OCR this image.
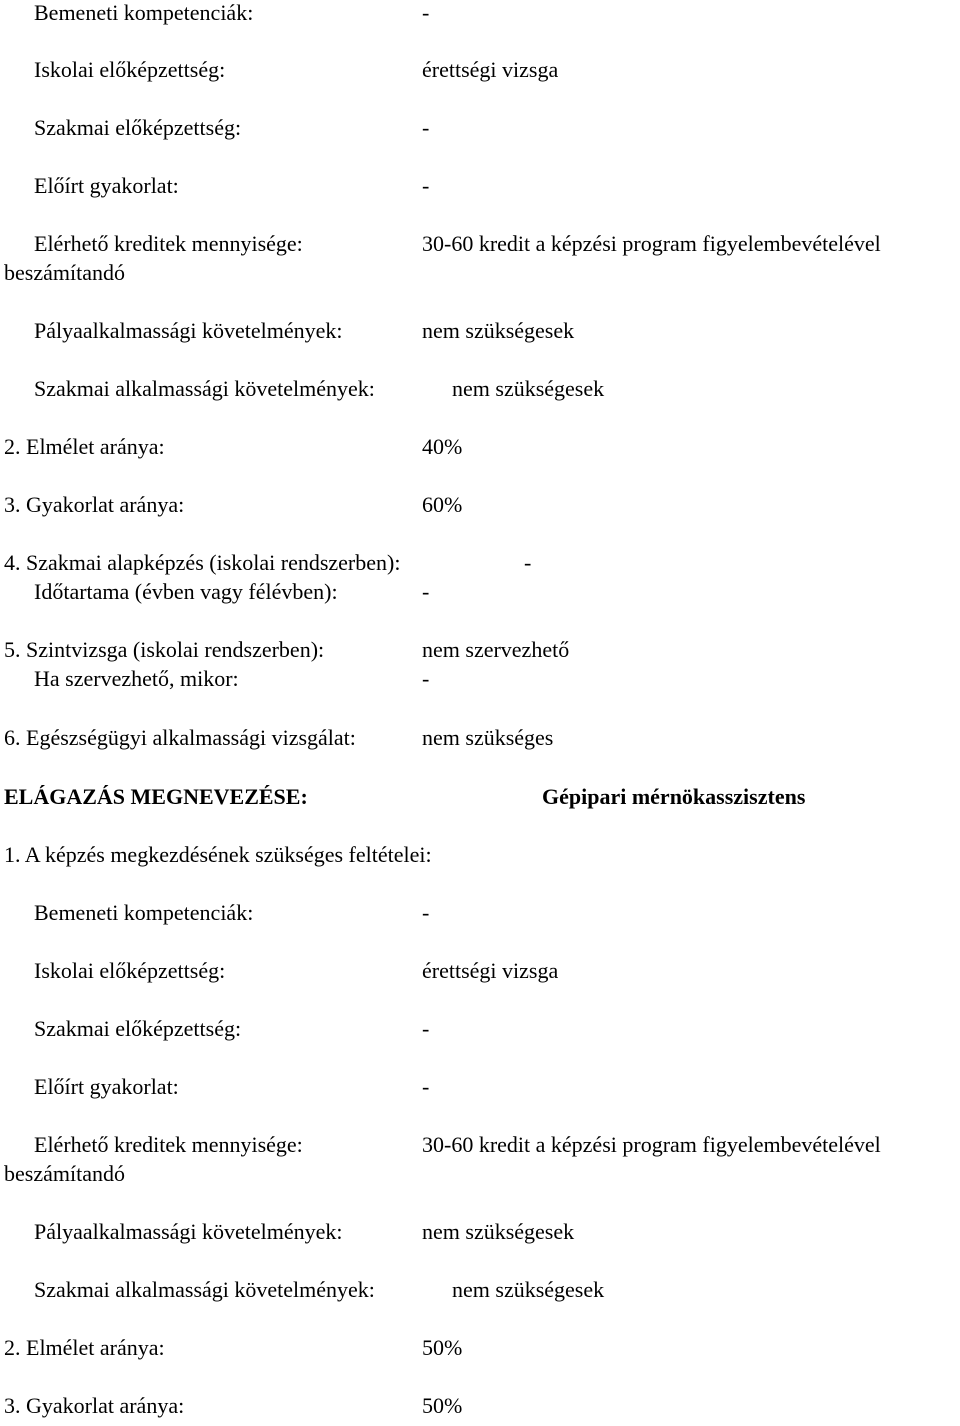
Bemeneti kompetenciák:	-
Iskolai előképzettség:	érettségi vizsga
Szakmai előképzettség:	-
Előírt gyakorlat:	-
Elérhető kreditek mennyisége:	30-60 kredit a képzési program figyelembevételével
beszámítandó
Pályaalkalmassági követelmények:	nem szükségesek
Szakmai alkalmassági követelmények:	nem szükségesek
2. Elmélet aránya:	40%
3. Gyakorlat aránya:	60%
4. Szakmai alapképzés (iskolai rendszerben):	-
Időtartama (évben vagy félévben):	-
5. Szintvizsga (iskolai rendszerben):	nem szervezhető
Ha szervezhető, mikor:	-
6. Egészségügyi alkalmassági vizsgálat:	nem szükséges
ELÁGAZÁS MEGNEVEZÉSE:	Gépipari mérnökasszisztens
1. A képzés megkezdésének szükséges feltételei:
Bemeneti kompetenciák:	-
Iskolai előképzettség:	érettségi vizsga
Szakmai előképzettség:	-
Előírt gyakorlat:	-
Elérhető kreditek mennyisége:	30-60 kredit a képzési program figyelembevételével
beszámítandó
Pályaalkalmassági követelmények:	nem szükségesek
Szakmai alkalmassági követelmények:	nem szükségesek
2. Elmélet aránya:	50%
3. Gyakorlat aránya:	50%
